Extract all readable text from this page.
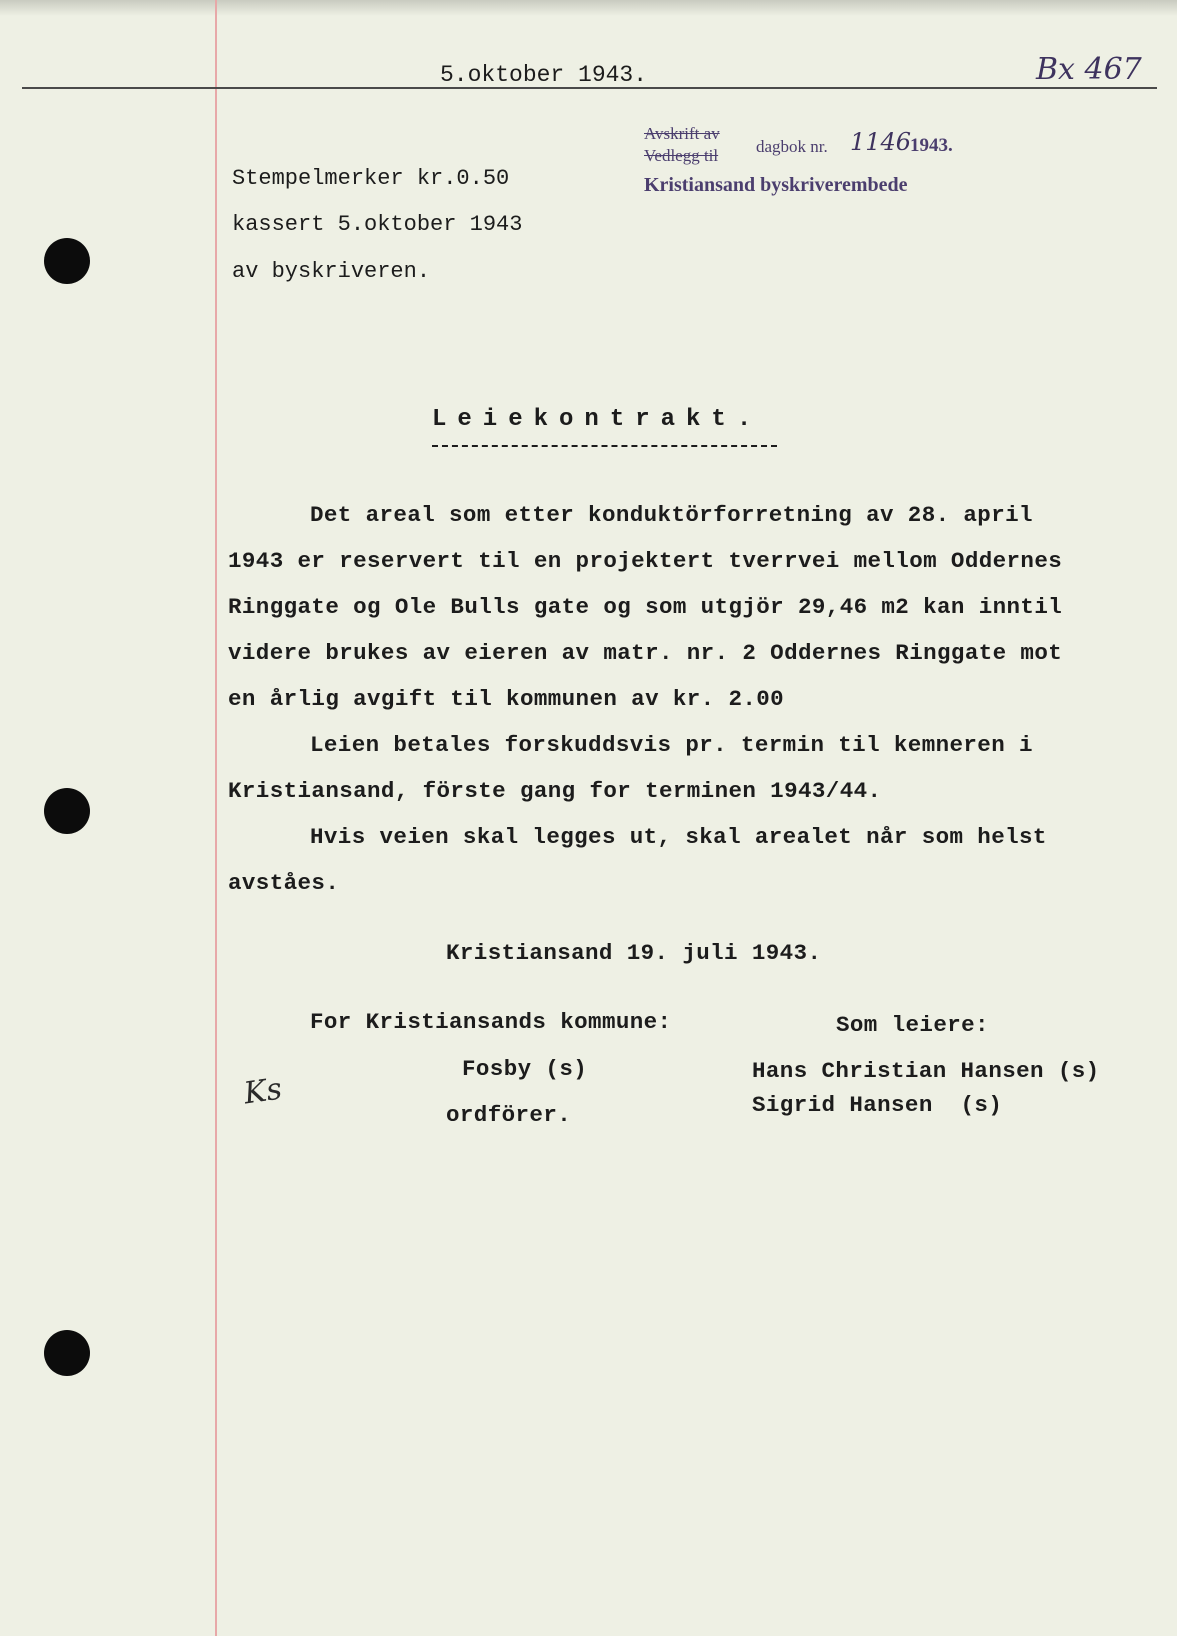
5.oktober 1943.	Bx 467
Avskrift av
Vedlegg til dagbok nr. 1146
1943.
Kristiansand byskriverembede
Stempelmerker kr.0.50
kassert 5.oktober 1943
av byskriveren.
Leiekontrakt.
Det areal som etter konduktörforretning av 28. april
1943 er reservert til en projektert tverrvei mellom Oddernes
Ringgate og Ole Bulls gate og som utgjör 29,46 m2 kan inntil
videre brukes av eieren av matr. nr. 2 Oddernes Ringgate mot
en årlig avgift til kommunen av kr. 2.00
Leien betales forskuddsvis pr. termin til kemneren i
Kristiansand, förste gang for terminen 1943/44.
Hvis veien skal legges ut, skal arealet når som helst
avståes.
Kristiansand 19. juli 1943.
For Kristiansands kommune:
Fosby (s)
ordförer.
Som leiere:
Hans Christian Hansen (s)
Sigrid Hansen  (s)
Ks
